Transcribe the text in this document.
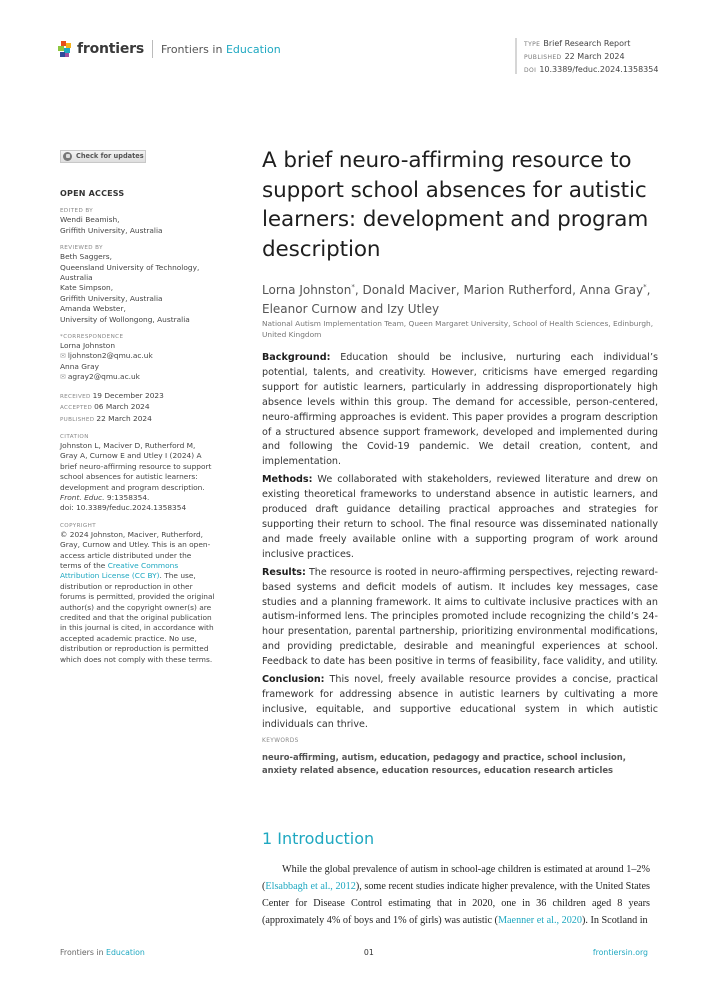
frontiers Frontiers in Education	TYPE Brief Research Report
PUBLISHED 22 March 2024
DOI 10.3389/feduc.2024.1358354
Check for updates
OPEN ACCESS
EDITED BY
Wendi Beamish,
Griffith University, Australia
REVIEWED BY
Beth Saggers,
Queensland University of Technology, Australia
Kate Simpson,
Griffith University, Australia
Amanda Webster,
University of Wollongong, Australia
*CORRESPONDENCE
Lorna Johnston
✉ ljohnston2@qmu.ac.uk
Anna Gray
✉ agray2@qmu.ac.uk
RECEIVED 19 December 2023
ACCEPTED 06 March 2024
PUBLISHED 22 March 2024
CITATION
Johnston L, Maciver D, Rutherford M, Gray A, Curnow E and Utley I (2024) A brief neuro-affirming resource to support school absences for autistic learners: development and program description.
Front. Educ. 9:1358354.
doi: 10.3389/feduc.2024.1358354
COPYRIGHT
© 2024 Johnston, Maciver, Rutherford, Gray, Curnow and Utley. This is an open-access article distributed under the terms of the Creative Commons Attribution License (CC BY). The use, distribution or reproduction in other forums is permitted, provided the original author(s) and the copyright owner(s) are credited and that the original publication in this journal is cited, in accordance with accepted academic practice. No use, distribution or reproduction is permitted which does not comply with these terms.
A brief neuro-affirming resource to support school absences for autistic learners: development and program description
Lorna Johnston*, Donald Maciver, Marion Rutherford, Anna Gray*, Eleanor Curnow and Izy Utley
National Autism Implementation Team, Queen Margaret University, School of Health Sciences, Edinburgh, United Kingdom

Background: Education should be inclusive, nurturing each individual’s potential, talents, and creativity. However, criticisms have emerged regarding support for autistic learners, particularly in addressing disproportionately high absence levels within this group. The demand for accessible, person-centered, neuro-affirming approaches is evident. This paper provides a program description of a structured absence support framework, developed and implemented during and following the Covid-19 pandemic. We detail creation, content, and implementation.

Methods: We collaborated with stakeholders, reviewed literature and drew on existing theoretical frameworks to understand absence in autistic learners, and produced draft guidance detailing practical approaches and strategies for supporting their return to school. The final resource was disseminated nationally and made freely available online with a supporting program of work around inclusive practices.

Results: The resource is rooted in neuro-affirming perspectives, rejecting reward-based systems and deficit models of autism. It includes key messages, case studies and a planning framework. It aims to cultivate inclusive practices with an autism-informed lens. The principles promoted include recognizing the child’s 24-hour presentation, parental partnership, prioritizing environmental modifications, and providing predictable, desirable and meaningful experiences at school. Feedback to date has been positive in terms of feasibility, face validity, and utility.

Conclusion: This novel, freely available resource provides a concise, practical framework for addressing absence in autistic learners by cultivating a more inclusive, equitable, and supportive educational system in which autistic individuals can thrive.

KEYWORDS
neuro-affirming, autism, education, pedagogy and practice, school inclusion, anxiety related absence, education resources, education research articles
1 Introduction
While the global prevalence of autism in school-age children is estimated at around 1–2% (Elsabbagh et al., 2012), some recent studies indicate higher prevalence, with the United States Center for Disease Control estimating that in 2020, one in 36 children aged 8 years (approximately 4% of boys and 1% of girls) was autistic (Maenner et al., 2020). In Scotland in
Frontiers in Education	01	frontiersin.org
